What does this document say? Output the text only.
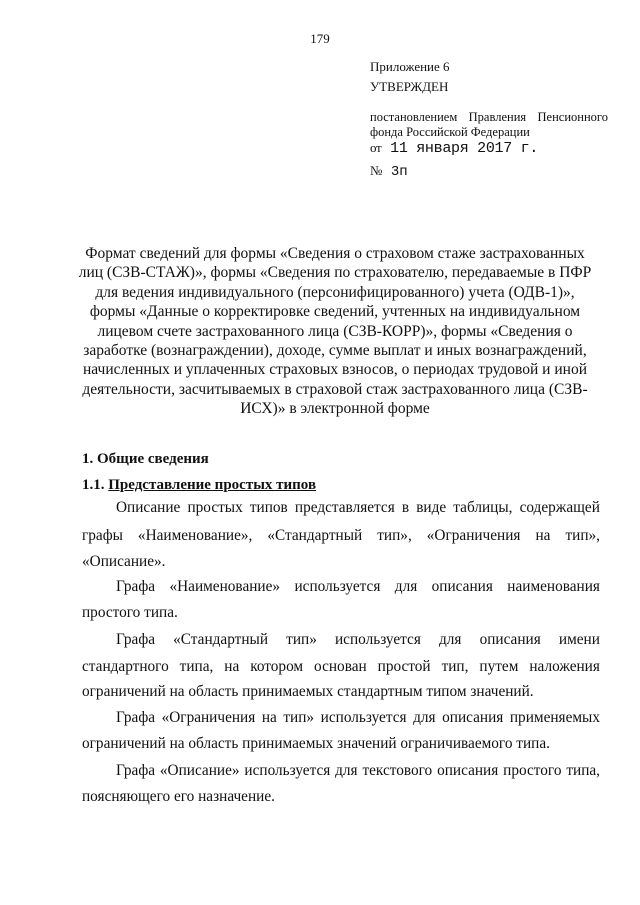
179
Приложение 6
УТВЕРЖДЕН
постановлением Правления Пенсионного
фонда Российской Федерации
от 11 января 2017 г.
№ 3п
Формат сведений для формы «Сведения о страховом стаже застрахованных
лиц (СЗВ-СТАЖ)», формы «Сведения по страхователю, передаваемые в ПФР
для ведения индивидуального (персонифицированного) учета (ОДВ-1)»,
формы «Данные о корректировке сведений, учтенных на индивидуальном
лицевом счете застрахованного лица (СЗВ-КОРР)», формы «Сведения о
заработке (вознаграждении), доходе, сумме выплат и иных вознаграждений,
начисленных и уплаченных страховых взносов, о периодах трудовой и иной
деятельности, засчитываемых в страховой стаж застрахованного лица (СЗВ-
ИСХ)» в электронной форме
1. Общие сведения
1.1. Представление простых типов
Описание простых типов представляется в виде таблицы, содержащей
графы «Наименование», «Стандартный тип», «Ограничения на тип»,
«Описание».
Графа «Наименование» используется для описания наименования
простого типа.
Графа «Стандартный тип» используется для описания имени
стандартного типа, на котором основан простой тип, путем наложения
ограничений на область принимаемых стандартным типом значений.
Графа «Ограничения на тип» используется для описания применяемых
ограничений на область принимаемых значений ограничиваемого типа.
Графа «Описание» используется для текстового описания простого типа,
поясняющего его назначение.
